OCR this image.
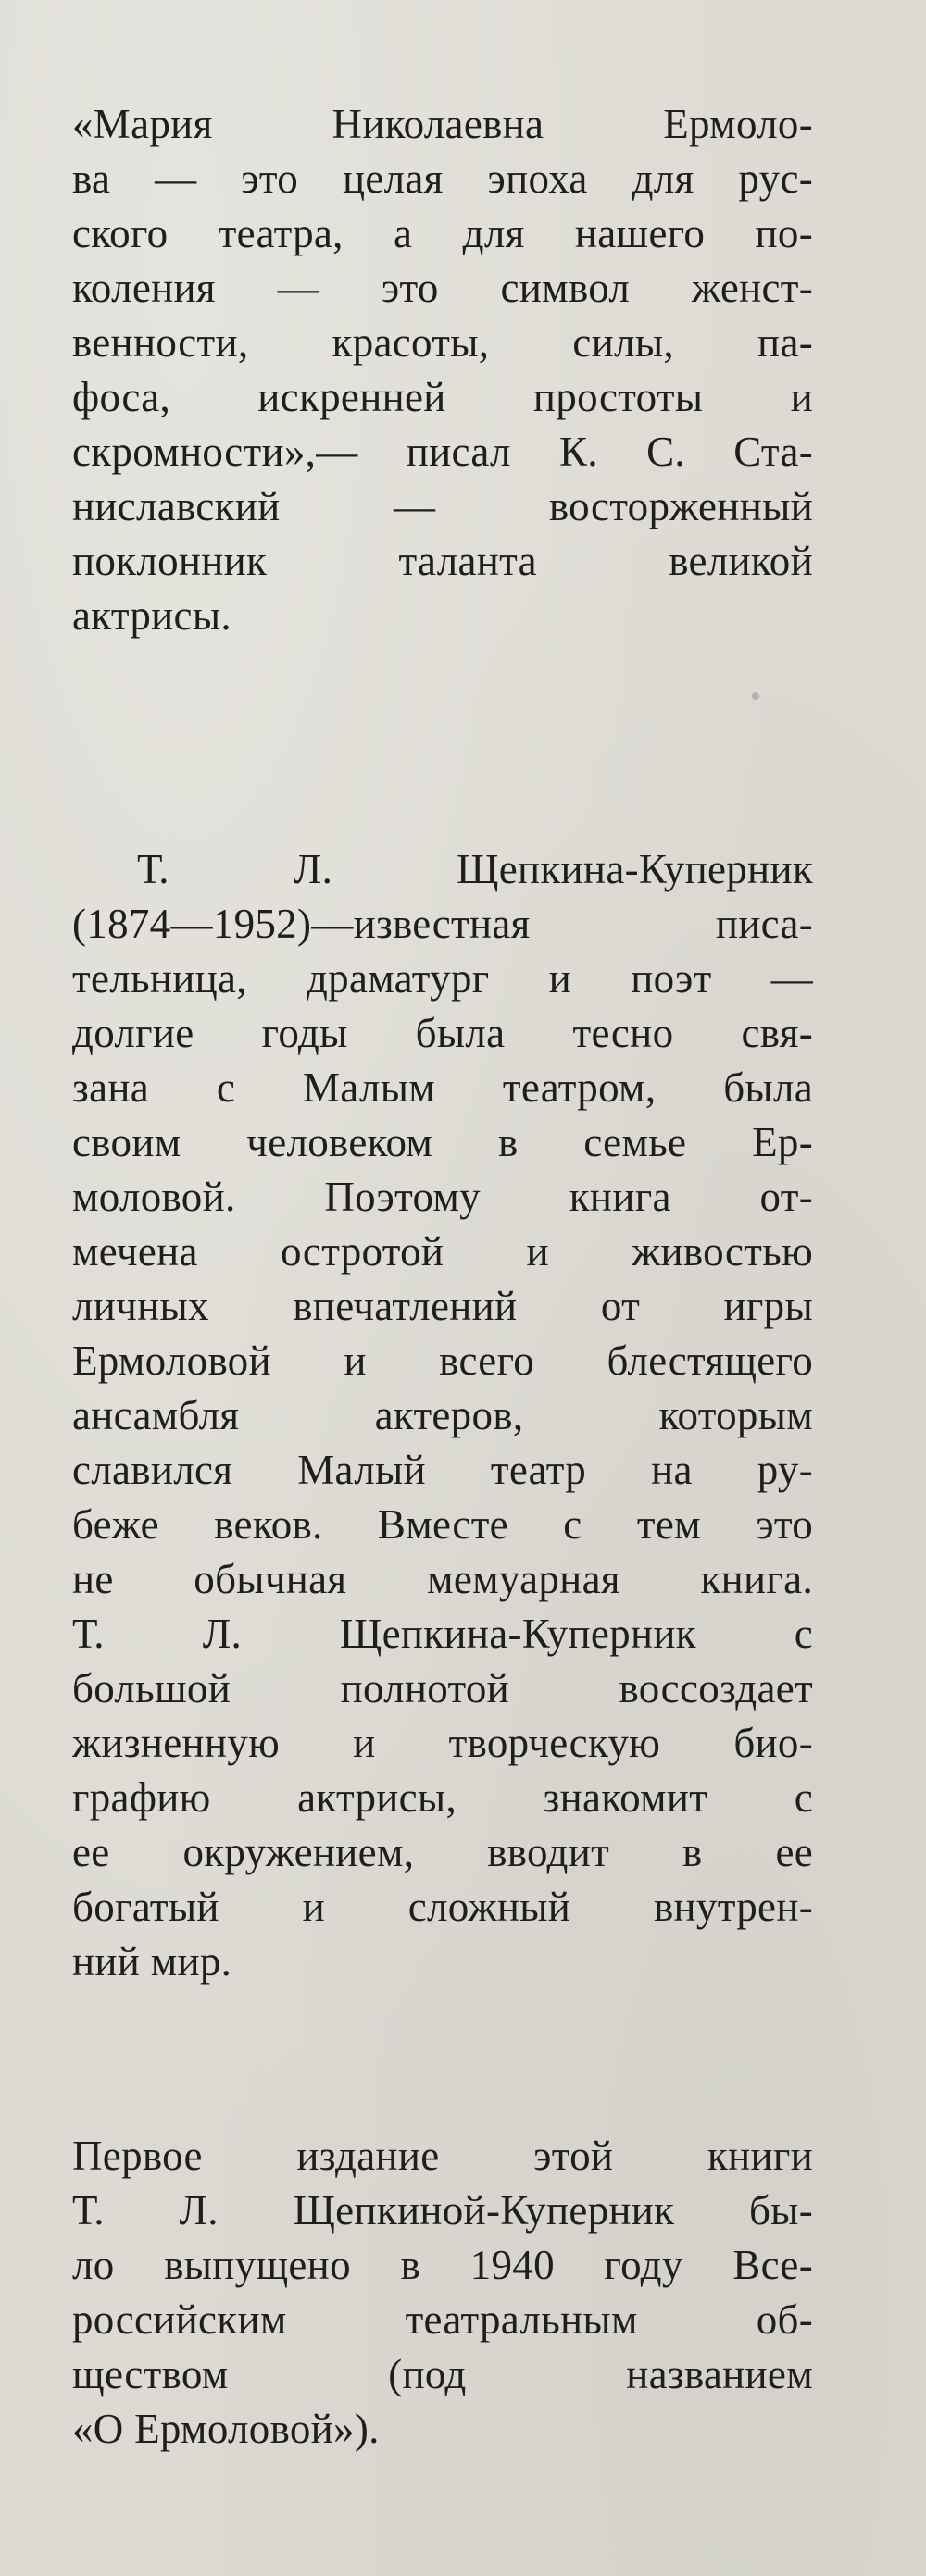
«Мария Николаевна Ермоло-
ва — это целая эпоха для рус-
ского театра, а для нашего по-
коления — это символ женст-
венности, красоты, силы, па-
фоса, искренней простоты и
скромности»,— писал К. С. Ста-
ниславский — восторженный
поклонник таланта великой
актрисы.
Т. Л. Щепкина-Куперник
(1874—1952)—известная писа-
тельница, драматург и поэт —
долгие годы была тесно свя-
зана с Малым театром, была
своим человеком в семье Ер-
моловой. Поэтому книга от-
мечена остротой и живостью
личных впечатлений от игры
Ермоловой и всего блестящего
ансамбля актеров, которым
славился Малый театр на ру-
беже веков. Вместе с тем это
не обычная мемуарная книга.
Т. Л. Щепкина-Куперник с
большой полнотой воссоздает
жизненную и творческую био-
графию актрисы, знакомит с
ее окружением, вводит в ее
богатый и сложный внутрен-
ний мир.
Первое издание этой книги
Т. Л. Щепкиной-Куперник бы-
ло выпущено в 1940 году Все-
российским театральным об-
ществом (под названием
«О Ермоловой»).
